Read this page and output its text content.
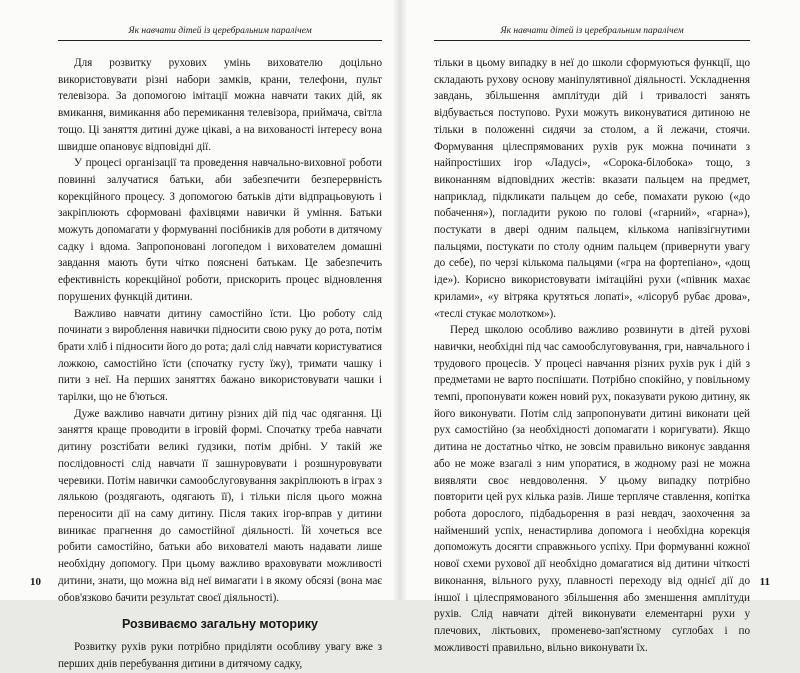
Як навчати дітей із церебральним паралічем

Для розвитку рухових умінь вихователю доцільно використовувати різні набори замків, крани, телефони, пульт телевізора. За допомогою імітації можна навчати таких дій, як вмикання, вимикання або перемикання телевізора, приймача, світла тощо. Ці заняття дитині дуже цікаві, а на вихованості інтересу вона швидше опановує відповідні дії.

У процесі організації та проведення навчально-виховної роботи повинні залучатися батьки, аби забезпечити безперервність корекційного процесу. З допомогою батьків діти відпрацьовують і закріплюють сформовані фахівцями навички й уміння. Батьки можуть допомагати у формуванні посібників для роботи в дитячому садку і вдома. Запропоновані логопедом і вихователем домашні завдання мають бути чітко пояснені батькам. Це забезпечить ефективність корекційної роботи, прискорить процес відновлення порушених функцій дитини.

Важливо навчати дитину самостійно їсти. Цю роботу слід починати з вироблення навички підносити свою руку до рота, потім брати хліб і підносити його до рота; далі слід навчати користуватися ложкою, самостійно їсти (спочатку густу їжу), тримати чашку і пити з неї. На перших заняттях бажано використовувати чашки і тарілки, що не б'ються.

Дуже важливо навчати дитину різних дій під час одягання. Ці заняття краще проводити в ігровій формі. Спочатку треба навчати дитину розстібати великі ґудзики, потім дрібні. У такій же послідовності слід навчати її зашнуровувати і розшнуровувати черевики. Потім навички самообслуговування закріплюють в іграх з лялькою (роздягають, одягають її), і тільки після цього можна переносити дії на саму дитину. Після таких ігор-вправ у дитини виникає прагнення до самостійної діяльності. Їй хочеться все робити самостійно, батьки або вихователі мають надавати лише необхідну допомогу. При цьому важливо враховувати можливості дитини, знати, що можна від неї вимагати і в якому обсязі (вона має обов'язково бачити результат своєї діяльності).

Розвиваємо загальну моторику

Розвитку рухів руки потрібно приділяти особливу увагу вже з перших днів перебування дитини в дитячому садку,

10
Як навчати дітей із церебральним паралічем

тільки в цьому випадку в неї до школи сформуються функції, що складають рухову основу маніпулятивної діяльності. Ускладнення завдань, збільшення амплітуди дій і тривалості занять відбувається поступово. Рухи можуть виконуватися дитиною не тільки в положенні сидячи за столом, а й лежачи, стоячи. Формування цілеспрямованих рухів рук можна починати з найпростіших ігор «Ладусі», «Сорока-білобока» тощо, з виконанням відповідних жестів: вказати пальцем на предмет, наприклад, підкликати пальцем до себе, помахати рукою («до побачення»), погладити рукою по голові («гарний», «гарна»), постукати в двері одним пальцем, кількома напівзігнутими пальцями, постукати по столу одним пальцем (привернути увагу до себе), по черзі кількома пальцями («гра на фортепіано», «дощ іде»). Корисно використовувати імітаційні рухи («півник махає крилами», «у вітряка крутяться лопаті», «лісоруб рубає дрова», «теслі стукає молотком»).

Перед школою особливо важливо розвинути в дітей рухові навички, необхідні під час самообслуговування, гри, навчального і трудового процесів. У процесі навчання різних рухів рук і дій з предметами не варто поспішати. Потрібно спокійно, у повільному темпі, пропонувати кожен новий рух, показувати рукою дитину, як його виконувати. Потім слід запропонувати дитині виконати цей рух самостійно (за необхідності допомагати і коригувати). Якщо дитина не достатньо чітко, не зовсім правильно виконує завдання або не може взагалі з ним упоратися, в жодному разі не можна виявляти своє невдоволення. У цьому випадку потрібно повторити цей рух кілька разів. Лише терпляче ставлення, копітка робота дорослого, підбадьорення в разі невдач, заохочення за найменший успіх, ненастирлива допомога і необхідна корекція допоможуть досягти справжнього успіху. При формуванні кожної нової схеми рухової дії необхідно домагатися від дитини чіткості виконання, вільного руху, плавності переходу від однієї дії до іншої і цілеспрямованого збільшення або зменшення амплітуди рухів. Слід навчати дітей виконувати елементарні рухи у плечових, ліктьових, променево-зап'ястному суглобах і по можливості правильно, вільно виконувати їх.

11
